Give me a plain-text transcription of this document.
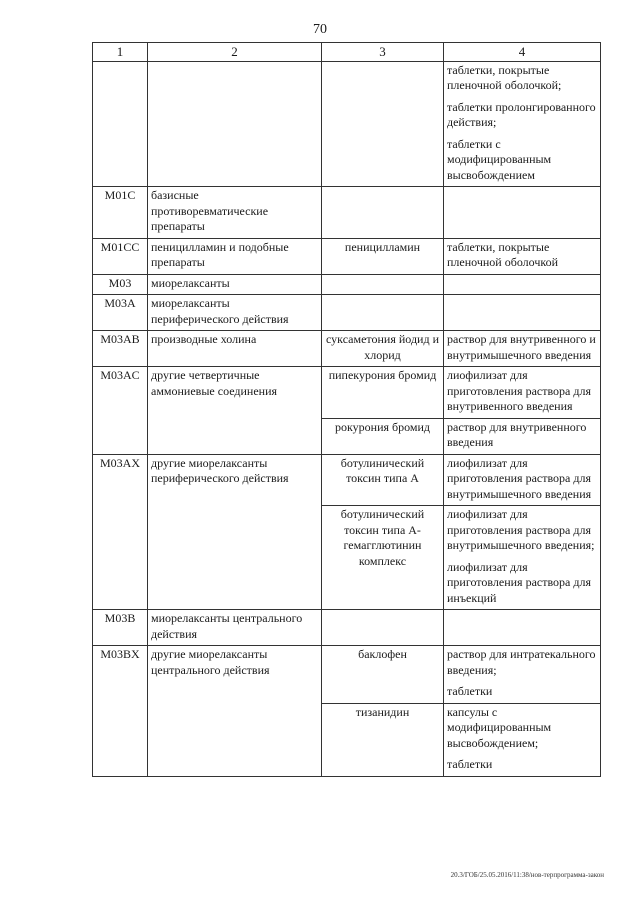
70
1	2	3	4

			таблетки, покрытые пленочной оболочкой;
таблетки пролонгированного действия;
таблетки с модифицированным высвобождением

M01C	базисные противоревматические препараты		
M01CC	пеницилламин и подобные препараты	пеницилламин	таблетки, покрытые пленочной оболочкой

M03	миорелаксанты		
M03A	миорелаксанты периферического действия		
M03AB	производные холина	суксаметония йодид и хлорид	раствор для внутривенного и внутримышечного введения

M03AC	другие четвертичные аммониевые соединения	пипекурония бромид	лиофилизат для приготовления раствора для внутривенного введения

		рокурония бромид	раствор для внутривенного введения

M03AX	другие миорелаксанты периферического действия	ботулинический токсин типа A	лиофилизат для приготовления раствора для внутримышечного введения

		ботулинический токсин типа A-гемагглютинин комплекс	лиофилизат для приготовления раствора для внутримышечного введения;
лиофилизат для приготовления раствора для инъекций

M03B	миорелаксанты центрального действия		
M03BX	другие миорелаксанты центрального действия	баклофен	раствор для интратекального введения;
таблетки

		тизанидин	капсулы с модифицированным высвобождением;
таблетки
20.3/ГОБ/25.05.2016/11:38/нов-терпрограмма-закон
